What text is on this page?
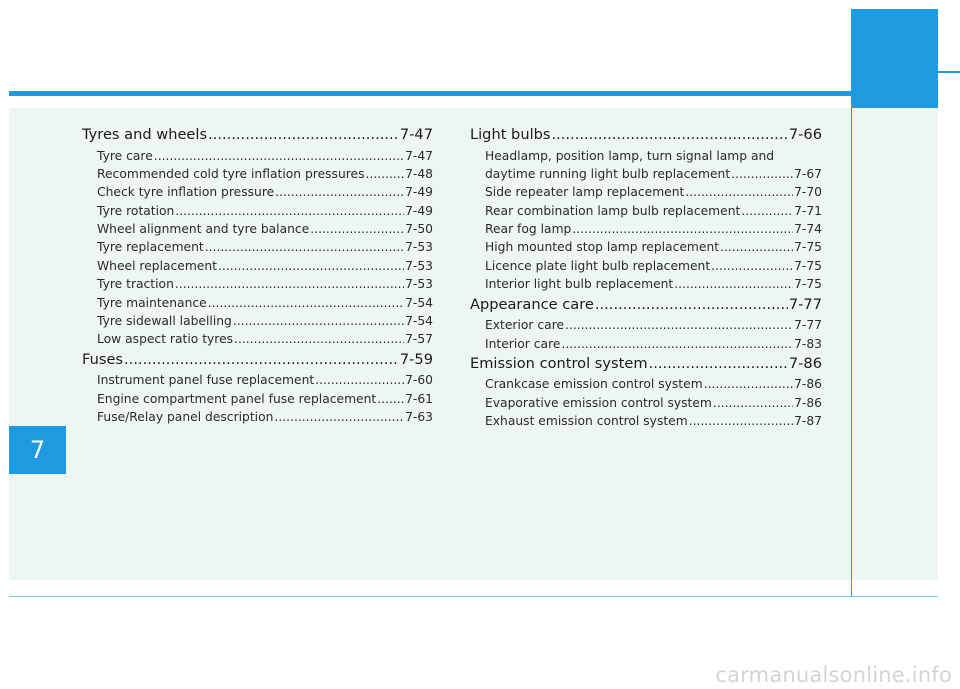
7
Tyres and wheels .....	7-47
Tyre care .....	7-47
Recommended cold tyre inflation pressures .....	7-48
Check tyre inflation pressure .....	7-49
Tyre rotation .....	7-49
Wheel alignment and tyre balance .....	7-50
Tyre replacement .....	7-53
Wheel replacement .....	7-53
Tyre traction .....	7-53
Tyre maintenance .....	7-54
Tyre sidewall labelling .....	7-54
Low aspect ratio tyres .....	7-57
Fuses .....	7-59
Instrument panel fuse replacement .....	7-60
Engine compartment panel fuse replacement ..... 7-61
Fuse/Relay panel description .....	7-63
Light bulbs .....	7-66
Headlamp, position lamp, turn signal lamp and
daytime running light bulb replacement .....	7-67
Side repeater lamp replacement .....	7-70
Rear combination lamp bulb replacement .....	7-71
Rear fog lamp .....	7-74
High mounted stop lamp replacement .....	7-75
Licence plate light bulb replacement .....	7-75
Interior light bulb replacement .....	7-75
Appearance care .....	7-77
Exterior care .....	7-77
Interior care .....	7-83
Emission control system .....	7-86
Crankcase emission control system .....	7-86
Evaporative emission control system .....	7-86
Exhaust emission control system .....	7-87
carmanualsonline.info
